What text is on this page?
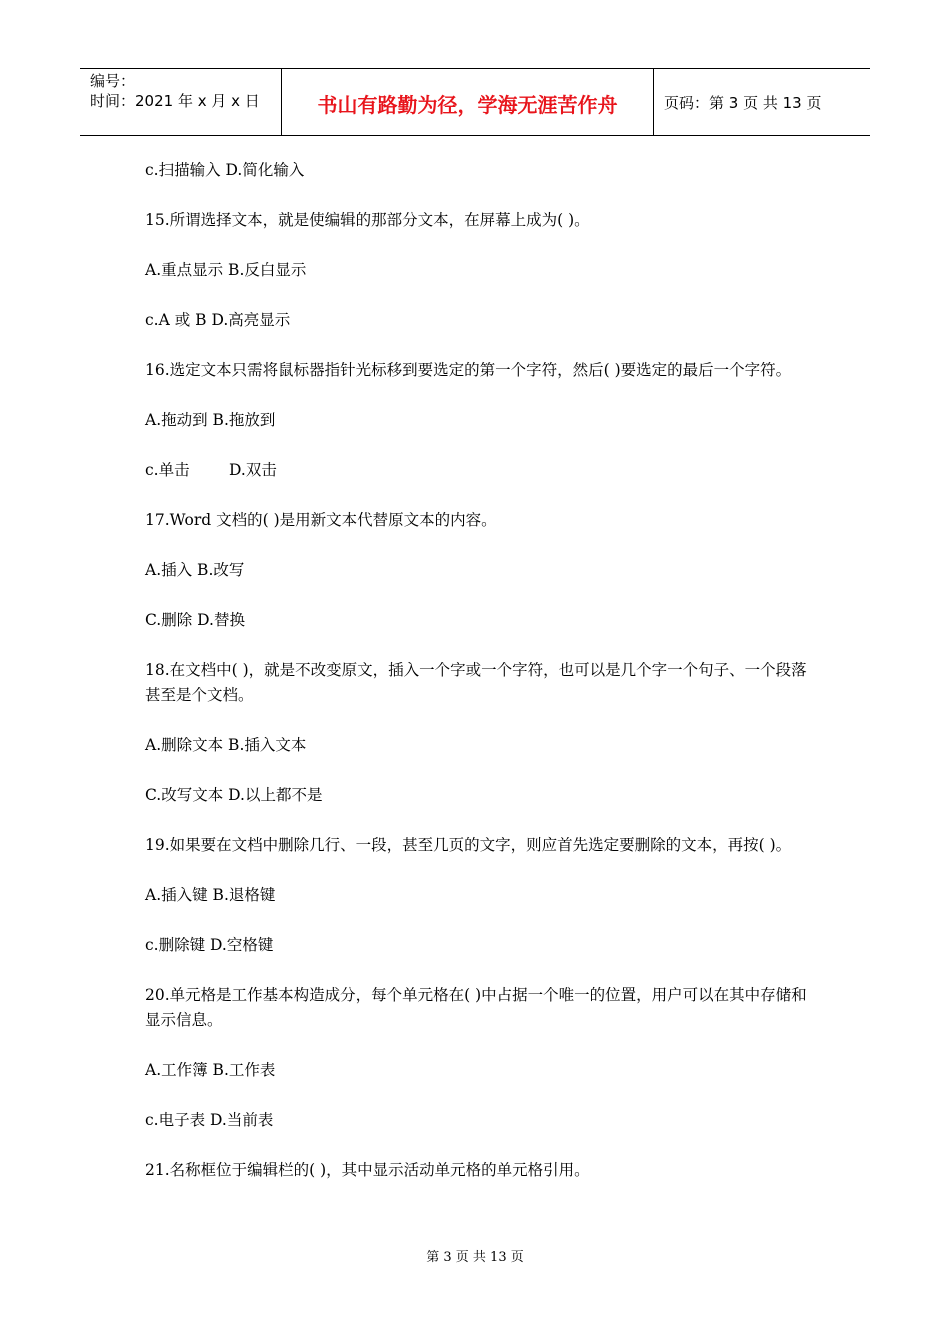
编号：
时间：2021 年 x 月 x 日	书山有路勤为径，学海无涯苦作舟	页码：第 3 页 共 13 页

c.扫描输入 D.简化输入

15.所谓选择文本，就是使编辑的那部分文本，在屏幕上成为( )。

A.重点显示 B.反白显示

c.A 或 B D.高亮显示

16.选定文本只需将鼠标器指针光标移到要选定的第一个字符，然后( )要选定的最后一个字符。

A.拖动到 B.拖放到

c.单击        D.双击

17.Word 文档的( )是用新文本代替原文本的内容。

A.插入 B.改写

C.删除 D.替换

18.在文档中( )，就是不改变原文，插入一个字或一个字符，也可以是几个字一个句子、一个段落甚至是个文档。

A.删除文本 B.插入文本

C.改写文本 D.以上都不是

19.如果要在文档中删除几行、一段，甚至几页的文字，则应首先选定要删除的文本，再按( )。

A.插入键 B.退格键

c.删除键 D.空格键

20.单元格是工作基本构造成分，每个单元格在( )中占据一个唯一的位置，用户可以在其中存储和显示信息。

A.工作簿 B.工作表

c.电子表 D.当前表

21.名称框位于编辑栏的( )，其中显示活动单元格的单元格引用。

第 3 页 共 13 页
